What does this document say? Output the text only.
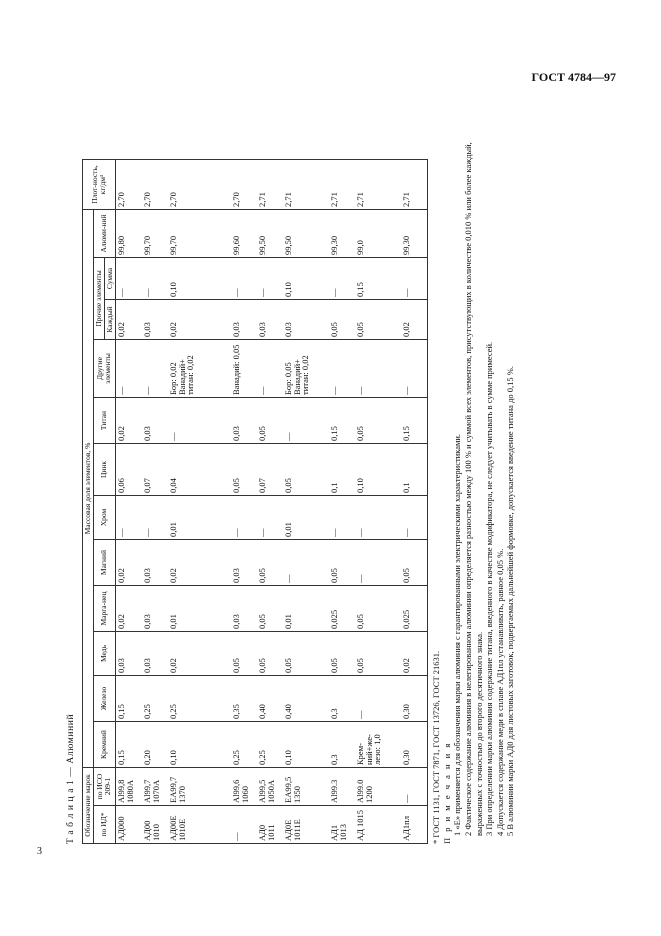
ГОСТ 4784—97
Т а б л и ц а 1 — Алюминий Обозначение марок		Массовая доля элементов, %												Плот-ность, кг/дм³
по ИД*	по ИСО 209-1	Кремний	Железо	Медь	Марга-нец	Магний	Хром	Цинк	Титан	Другие элементы	Прочие элементы		Алюми-ний	
											Каждый	Сумма		
АД000	Al99,8 1080A	0,15	0,15	0,03	0,02	0,02	—	0,06	0,02	—	0,02	—	99,80	2,70
АД00 1010	Al99,7 1070A	0,20	0,25	0,03	0,03	0,03	—	0,07	0,03	—	0,03	—	99,70	2,70
АД00Е 1010Е	EA99,7 1370	0,10	0,25	0,02	0,01	0,02	0,01	0,04	—	Бор: 0,02 Ванадий+ титан: 0,02	0,02	0,10	99,70	2,70
—	Al99,6 1060	0,25	0,35	0,05	0,03	0,03	—	0,05	0,03	Ванадий: 0,05	0,03	—	99,60	2,70
АД0 1011	Al99,5 1050A	0,25	0,40	0,05	0,05	0,05	—	0,07	0,05	—	0,03	—	99,50	2,71
АД0Е 1011Е	EA99,5 1350	0,10	0,40	0,05	0,01	—	0,01	0,05	—	Бор: 0,05 Ванадий+ титан: 0,02	0,03	0,10	99,50	2,71
АД1 1013	Al99.3	0,3	0,3	0,05	0,025	0,05	—	0,1	0,15	—	0,05	—	99,30	2,71
АД 1015	Al99.0 1200	Крем-ний+же-лезо: 1,0	—	0,05	0,05	—	—	0,10	0,05	—	0,05	0,15	99,0	2,71
АД1пл	—	0,30	0,30	0,02	0,025	0,05	—	0,1	0,15	—	0,02	—	99,30	2,71

* ГОСТ 1131, ГОСТ 7871, ГОСТ 13726, ГОСТ 21631. П р и м е ч а н и я 1 «Е» применяется для обозначения марки алюминия с гарантированными электрическими характеристиками. 2 Фактическое содержание алюминия в нелегированном алюминии определяется разностью между 100 % и суммой всех элементов, присутствующих в количестве 0,010 % или более каждый, выраженных с точностью до второго десятичного знака. 3 При определении марки алюминия содержание титана, введенного в качестве модификатора, не следует учитывать в сумме примесей. 4 Допускается содержание меди в сплаве АД1пл устанавливать, равное 0,05 %. 5 В алюминии марки АД0 для листовых заготовок, подвергаемых дальнейшей формовке, допускается введение титана до 0,15 %.

3
